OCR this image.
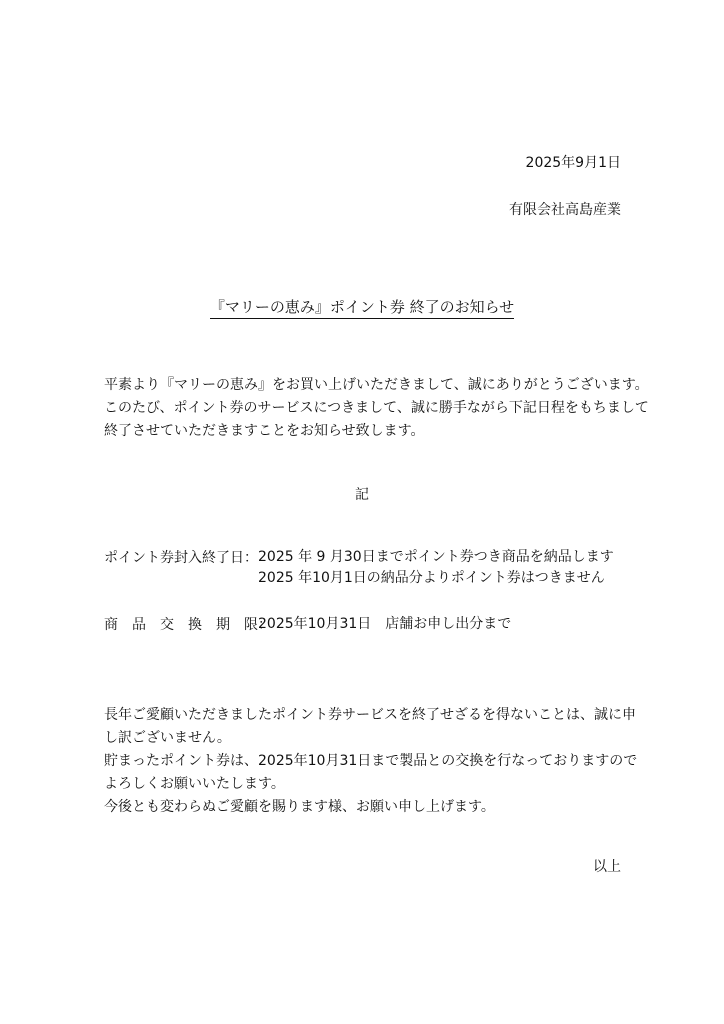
2025年9月1日
有限会社高島産業
『マリーの恵み』ポイント券 終了のお知らせ
平素より『マリーの恵み』をお買い上げいただきまして、誠にありがとうございます。
このたび、ポイント券のサービスにつきまして、誠に勝手ながら下記日程をもちまして
終了させていただきますことをお知らせ致します。
記
ポイント券封入終了日： 2025 年 9 月30日までポイント券つき商品を納品します
2025 年10月1日の納品分よりポイント券はつきません
商　品　交　換　期　限：
2025年10月31日　店舗お申し出分まで
長年ご愛顧いただきましたポイント券サービスを終了せざるを得ないことは、誠に申
し訳ございません。
貯まったポイント券は、2025年10月31日まで製品との交換を行なっておりますので
よろしくお願いいたします。
今後とも変わらぬご愛顧を賜ります様、お願い申し上げます。
以上
